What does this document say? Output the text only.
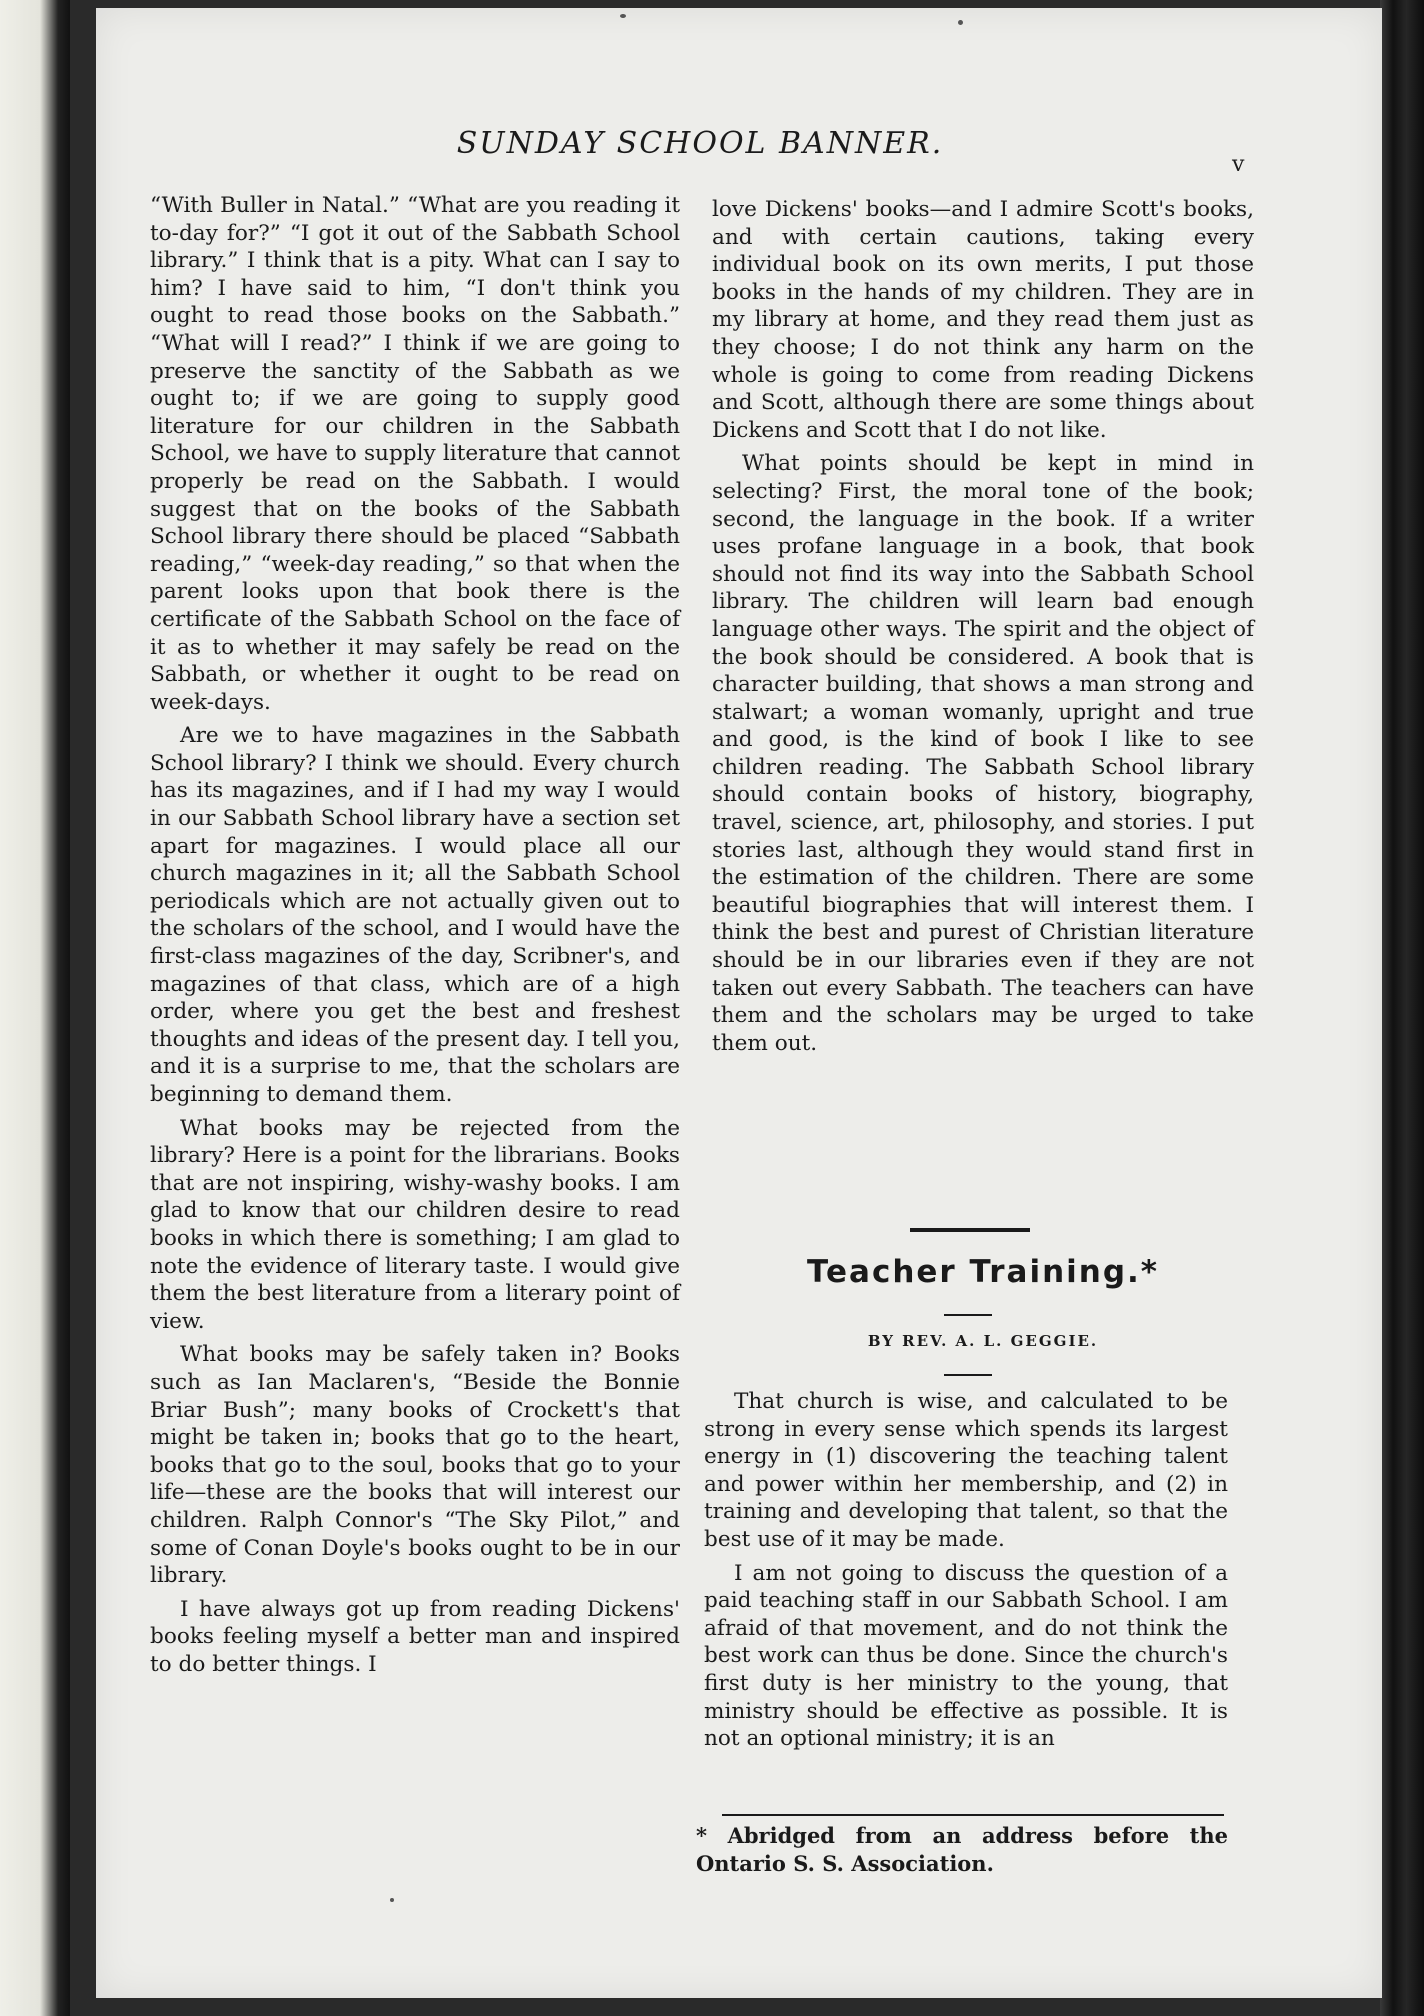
SUNDAY SCHOOL BANNER.
v

“With Buller in Natal.” “What are you reading it to-day for?” “I got it out of the Sabbath School library.” I think that is a pity. What can I say to him? I have said to him, “I don't think you ought to read those books on the Sabbath.” “What will I read?” I think if we are going to preserve the sanctity of the Sabbath as we ought to; if we are going to supply good literature for our children in the Sabbath School, we have to supply literature that cannot properly be read on the Sabbath. I would suggest that on the books of the Sabbath School library there should be placed “Sabbath reading,” “week-day reading,” so that when the parent looks upon that book there is the certificate of the Sabbath School on the face of it as to whether it may safely be read on the Sabbath, or whether it ought to be read on week-days.

Are we to have magazines in the Sabbath School library? I think we should. Every church has its magazines, and if I had my way I would in our Sabbath School library have a section set apart for magazines. I would place all our church magazines in it; all the Sabbath School periodicals which are not actually given out to the scholars of the school, and I would have the first-class magazines of the day, Scribner's, and magazines of that class, which are of a high order, where you get the best and freshest thoughts and ideas of the present day. I tell you, and it is a surprise to me, that the scholars are beginning to demand them.

What books may be rejected from the library? Here is a point for the librarians. Books that are not inspiring, wishy-washy books. I am glad to know that our children desire to read books in which there is something; I am glad to note the evidence of literary taste. I would give them the best literature from a literary point of view.

What books may be safely taken in? Books such as Ian Maclaren's, “Beside the Bonnie Briar Bush”; many books of Crockett's that might be taken in; books that go to the heart, books that go to the soul, books that go to your life—these are the books that will interest our children. Ralph Connor's “The Sky Pilot,” and some of Conan Doyle's books ought to be in our library.

I have always got up from reading Dickens' books feeling myself a better man and inspired to do better things. I

love Dickens' books—and I admire Scott's books, and with certain cautions, taking every individual book on its own merits, I put those books in the hands of my children. They are in my library at home, and they read them just as they choose; I do not think any harm on the whole is going to come from reading Dickens and Scott, although there are some things about Dickens and Scott that I do not like.

What points should be kept in mind in selecting? First, the moral tone of the book; second, the language in the book. If a writer uses profane language in a book, that book should not find its way into the Sabbath School library. The children will learn bad enough language other ways. The spirit and the object of the book should be considered. A book that is character building, that shows a man strong and stalwart; a woman womanly, upright and true and good, is the kind of book I like to see children reading. The Sabbath School library should contain books of history, biography, travel, science, art, philosophy, and stories. I put stories last, although they would stand first in the estimation of the children. There are some beautiful biographies that will interest them. I think the best and purest of Christian literature should be in our libraries even if they are not taken out every Sabbath. The teachers can have them and the scholars may be urged to take them out.

Teacher Training.*
BY REV. A. L. GEGGIE.

That church is wise, and calculated to be strong in every sense which spends its largest energy in (1) discovering the teaching talent and power within her membership, and (2) in training and developing that talent, so that the best use of it may be made.

I am not going to discuss the question of a paid teaching staff in our Sabbath School. I am afraid of that movement, and do not think the best work can thus be done. Since the church's first duty is her ministry to the young, that ministry should be effective as possible. It is not an optional ministry; it is an

* Abridged from an address before the Ontario S. S. Association.
